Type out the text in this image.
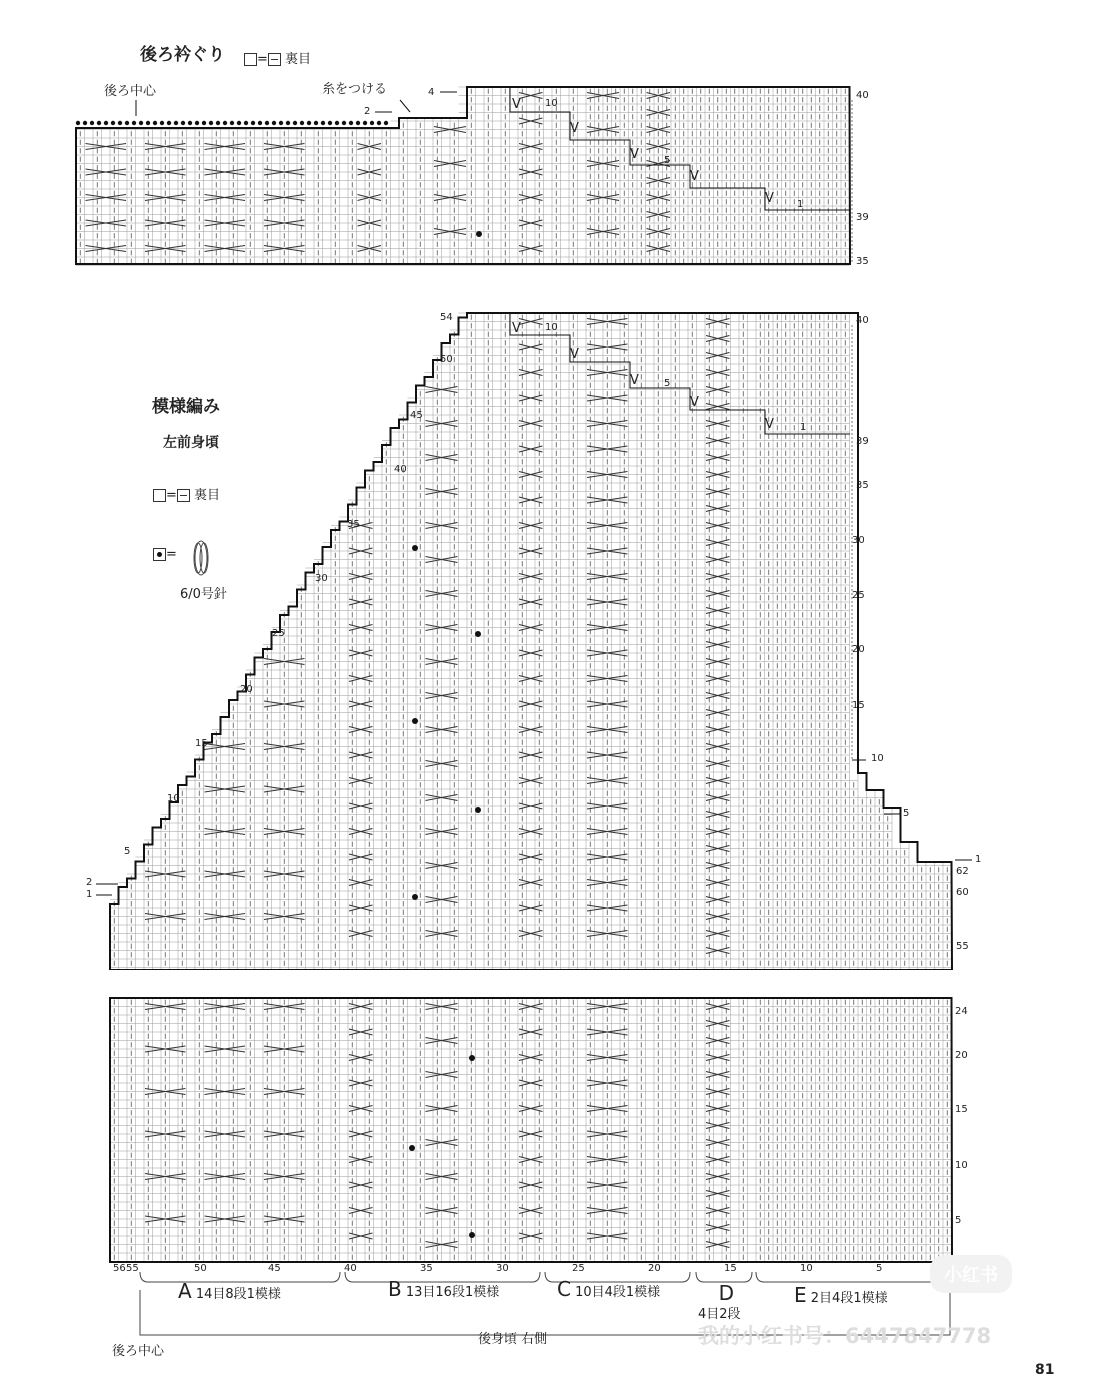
V
V
V
V
V
V
V
V
V
V
後ろ衿ぐり	= 裏目
後ろ中心	糸をつける
2
4
10
5
1
40
39
35
模様編み
左前身頃
= 裏目
=
6/0号針
54
50
45
40
35
30
25
20
15
10
5
2
1
40
39
35
30
25
20
15
62
60
55
10
5
1
10
5
1
24
20
15
10
5
56 55	50	45	40	35	30	25	20	15	10	5
A 14目8段1模様	B 13目16段1模様	C 10目4段1模様	D
4目2段
E 2目4段1模様
後ろ中心
後身頃 右側
81
小红书
我的小红书号：6447847778
